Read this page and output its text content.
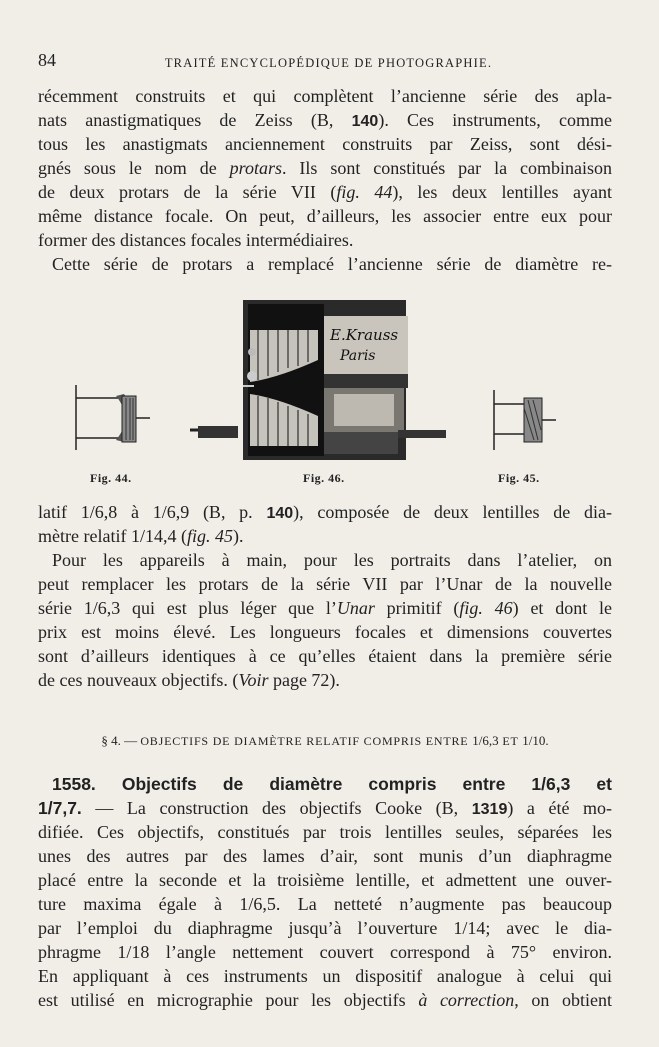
84	TRAITÉ ENCYCLOPÉDIQUE DE PHOTOGRAPHIE.
récemment construits et qui complètent l’ancienne série des apla-
nats anastigmatiques de Zeiss (B, 140). Ces instruments, comme
tous les anastigmats anciennement construits par Zeiss, sont dési-
gnés sous le nom de protars. Ils sont constitués par la combinaison
de deux protars de la série VII (fig. 44), les deux lentilles ayant
même distance focale. On peut, d’ailleurs, les associer entre eux pour
former des distances focales intermédiaires.
Cette série de protars a remplacé l’ancienne série de diamètre re-
E.Krauss
Paris
Fig. 44.	Fig. 46.	Fig. 45.
latif 1/6,8 à 1/6,9 (B, p. 140), composée de deux lentilles de dia-
mètre relatif 1/14,4 (fig. 45).
Pour les appareils à main, pour les portraits dans l’atelier, on
peut remplacer les protars de la série VII par l’Unar de la nouvelle
série 1/6,3 qui est plus léger que l’Unar primitif (fig. 46) et dont le
prix est moins élevé. Les longueurs focales et dimensions couvertes
sont d’ailleurs identiques à ce qu’elles étaient dans la première série
de ces nouveaux objectifs. (Voir page 72).
§ 4. — OBJECTIFS DE DIAMÈTRE RELATIF COMPRIS ENTRE 1/6,3 ET 1/10.
1558. Objectifs de diamètre compris entre 1/6,3 et
1/7,7. — La construction des objectifs Cooke (B, 1319) a été mo-
difiée. Ces objectifs, constitués par trois lentilles seules, séparées les
unes des autres par des lames d’air, sont munis d’un diaphragme
placé entre la seconde et la troisième lentille, et admettent une ouver-
ture maxima égale à 1/6,5. La netteté n’augmente pas beaucoup
par l’emploi du diaphragme jusqu’à l’ouverture 1/14; avec le dia-
phragme 1/18 l’angle nettement couvert correspond à 75° environ.
En appliquant à ces instruments un dispositif analogue à celui qui
est utilisé en micrographie pour les objectifs à correction, on obtient
